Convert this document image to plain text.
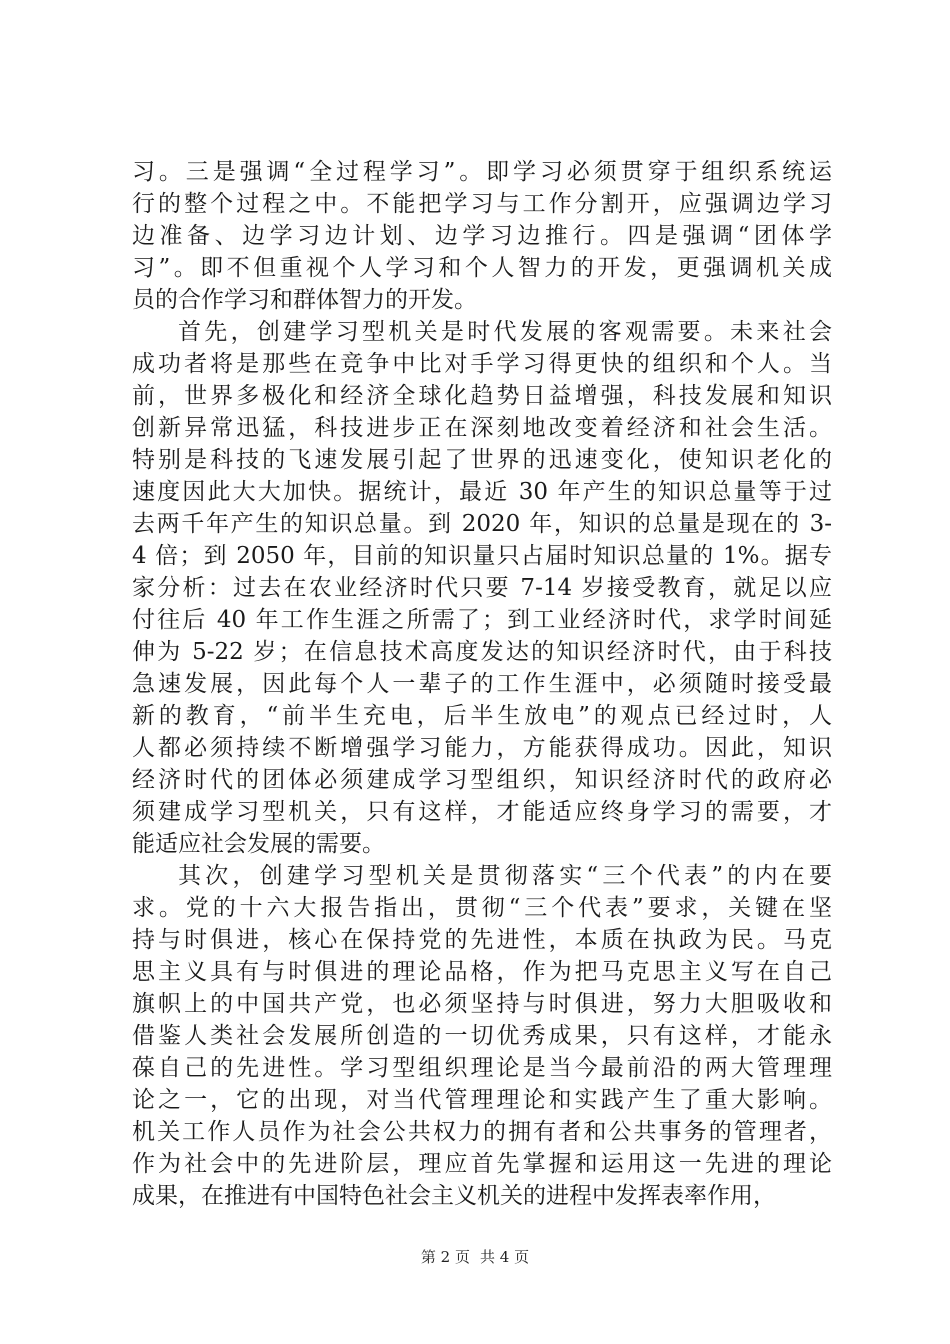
习。三是强调“全过程学习”。即学习必须贯穿于组织系统运
行的整个过程之中。不能把学习与工作分割开，应强调边学习
边准备、边学习边计划、边学习边推行。四是强调“团体学
习”。即不但重视个人学习和个人智力的开发，更强调机关成
员的合作学习和群体智力的开发。
首先，创建学习型机关是时代发展的客观需要。未来社会
成功者将是那些在竞争中比对手学习得更快的组织和个人。当
前，世界多极化和经济全球化趋势日益增强，科技发展和知识
创新异常迅猛，科技进步正在深刻地改变着经济和社会生活。
特别是科技的飞速发展引起了世界的迅速变化，使知识老化的
速度因此大大加快。据统计，最近 30 年产生的知识总量等于过
去两千年产生的知识总量。到 2020 年，知识的总量是现在的 3-
4 倍；到 2050 年，目前的知识量只占届时知识总量的 1%。据专
家分析：过去在农业经济时代只要 7-14 岁接受教育，就足以应
付往后 40 年工作生涯之所需了；到工业经济时代，求学时间延
伸为 5-22 岁；在信息技术高度发达的知识经济时代，由于科技
急速发展，因此每个人一辈子的工作生涯中，必须随时接受最
新的教育，“前半生充电，后半生放电”的观点已经过时，人
人都必须持续不断增强学习能力，方能获得成功。因此，知识
经济时代的团体必须建成学习型组织，知识经济时代的政府必
须建成学习型机关，只有这样，才能适应终身学习的需要，才
能适应社会发展的需要。
其次，创建学习型机关是贯彻落实“三个代表”的内在要
求。党的十六大报告指出，贯彻“三个代表”要求，关键在坚
持与时俱进，核心在保持党的先进性，本质在执政为民。马克
思主义具有与时俱进的理论品格，作为把马克思主义写在自己
旗帜上的中国共产党，也必须坚持与时俱进，努力大胆吸收和
借鉴人类社会发展所创造的一切优秀成果，只有这样，才能永
葆自己的先进性。学习型组织理论是当今最前沿的两大管理理
论之一，它的出现，对当代管理理论和实践产生了重大影响。
机关工作人员作为社会公共权力的拥有者和公共事务的管理者，
作为社会中的先进阶层，理应首先掌握和运用这一先进的理论
成果，在推进有中国特色社会主义机关的进程中发挥表率作用，
第 2 页 共 4 页
